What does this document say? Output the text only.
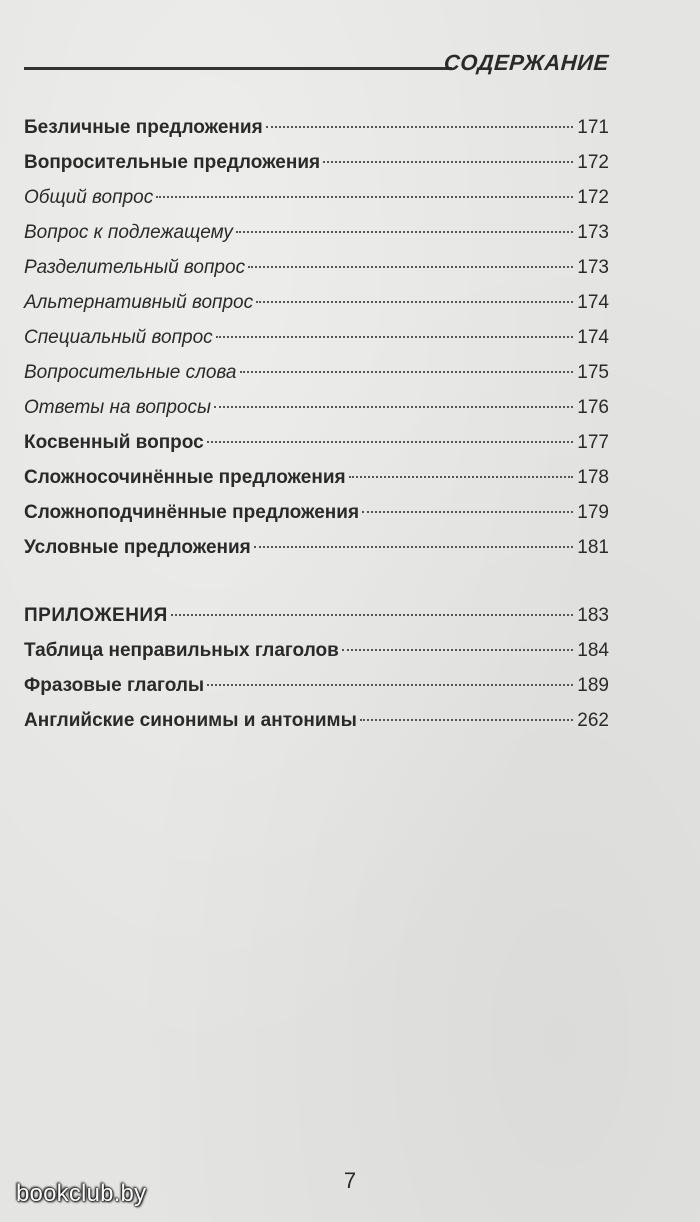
СОДЕРЖАНИЕ
Безличные предложения	171
Вопросительные предложения	172
Общий вопрос	172
Вопрос к подлежащему	173
Разделительный вопрос	173
Альтернативный вопрос	174
Специальный вопрос	174
Вопросительные слова	175
Ответы на вопросы	176
Косвенный вопрос	177
Сложносочинённые предложения	178
Сложноподчинённые предложения	179
Условные предложения	181
ПРИЛОЖЕНИЯ	183
Таблица неправильных глаголов	184
Фразовые глаголы	189
Английские синонимы и антонимы	262
7
bookclub.by
